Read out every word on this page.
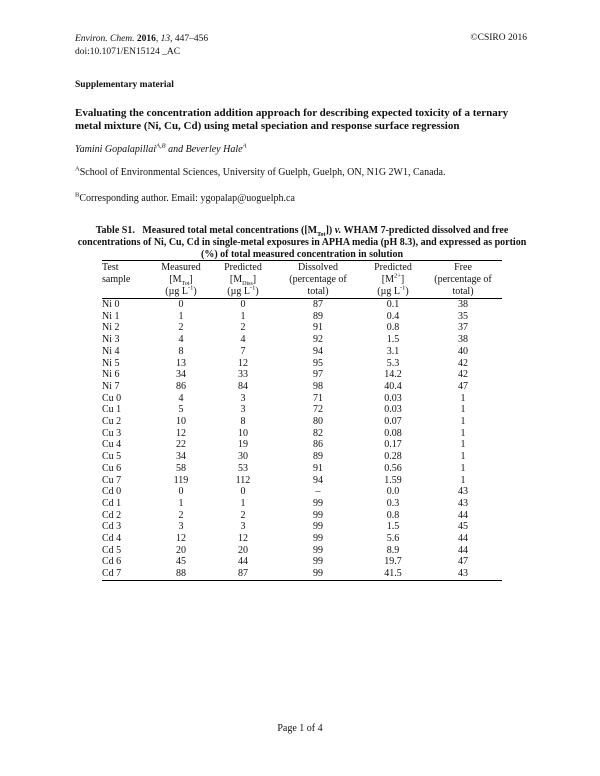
Environ. Chem. 2016, 13, 447–456
doi:10.1071/EN15124 _AC
©CSIRO 2016
Supplementary material
Evaluating the concentration addition approach for describing expected toxicity of a ternary metal mixture (Ni, Cu, Cd) using metal speciation and response surface regression
Yamini Gopalapillai$^{A,B}$ and Beverley Hale$^A$
$^A$School of Environmental Sciences, University of Guelph, Guelph, ON, N1G 2W1, Canada.
$^B$Corresponding author. Email: ygopalap@uoguelph.ca
Table S1. Measured total metal concentrations $([M_{Tot}])$ v. WHAM 7-predicted dissolved and free concentrations of Ni, Cu, Cd in single-metal exposures in APHA media (pH 8.3), and expressed as portion (%) of total measured concentration in solution
Test	Measured	Predicted	Dissolved	Predicted	Free
sample	$[M_{Tot}]$	$[M_{Diss}]$	(percentage of	$[M^{2+}]$	(percentage of
	(µg $L^{-1}$)	(µg $L^{-1}$)	total)	(µg $L^{-1}$)	total)
Ni 0	0	0	87	0.1	38
Ni 1	1	1	89	0.4	35
Ni 2	2	2	91	0.8	37
Ni 3	4	4	92	1.5	38
Ni 4	8	7	94	3.1	40
Ni 5	13	12	95	5.3	42
Ni 6	34	33	97	14.2	42
Ni 7	86	84	98	40.4	47
Cu 0	4	3	71	0.03	1
Cu 1	5	3	72	0.03	1
Cu 2	10	8	80	0.07	1
Cu 3	12	10	82	0.08	1
Cu 4	22	19	86	0.17	1
Cu 5	34	30	89	0.28	1
Cu 6	58	53	91	0.56	1
Cu 7	119	112	94	1.59	1
Cd 0	0	0	–	0.0	43
Cd 1	1	1	99	0.3	43
Cd 2	2	2	99	0.8	44
Cd 3	3	3	99	1.5	45
Cd 4	12	12	99	5.6	44
Cd 5	20	20	99	8.9	44
Cd 6	45	44	99	19.7	47
Cd 7	88	87	99	41.5	43
Page 1 of 4
